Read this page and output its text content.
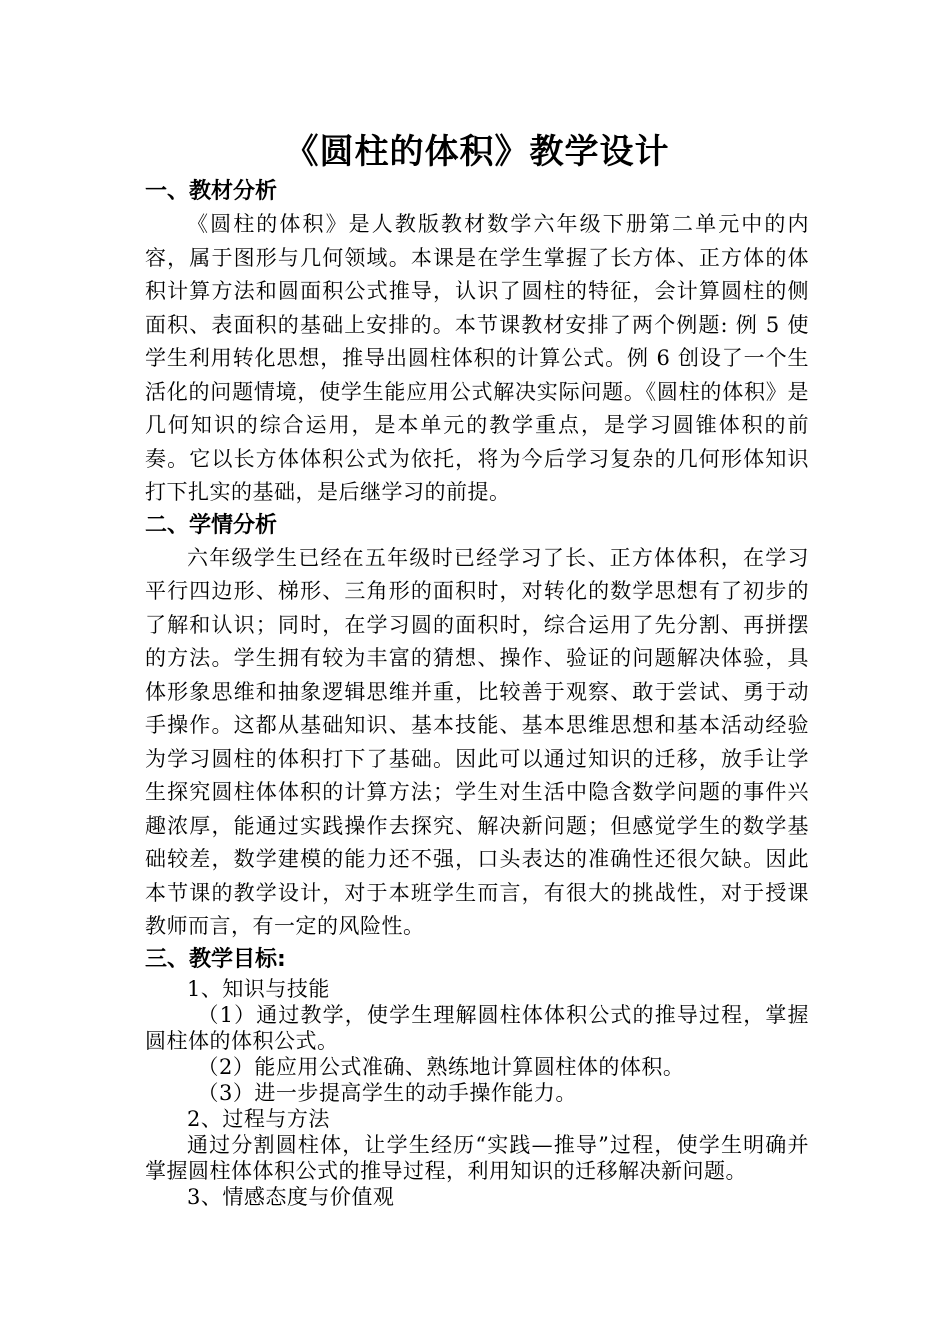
《圆柱的体积》教学设计

一、教材分析

《圆柱的体积》是人教版教材数学六年级下册第二单元中的内容，属于图形与几何领域。本课是在学生掌握了长方体、正方体的体积计算方法和圆面积公式推导，认识了圆柱的特征，会计算圆柱的侧面积、表面积的基础上安排的。本节课教材安排了两个例题: 例 5 使学生利用转化思想，推导出圆柱体积的计算公式。例 6 创设了一个生活化的问题情境，使学生能应用公式解决实际问题。《圆柱的体积》是几何知识的综合运用，是本单元的教学重点，是学习圆锥体积的前奏。它以长方体体积公式为依托，将为今后学习复杂的几何形体知识打下扎实的基础，是后继学习的前提。

二、学情分析

六年级学生已经在五年级时已经学习了长、正方体体积，在学习平行四边形、梯形、三角形的面积时，对转化的数学思想有了初步的了解和认识；同时，在学习圆的面积时，综合运用了先分割、再拼摆的方法。学生拥有较为丰富的猜想、操作、验证的问题解决体验，具体形象思维和抽象逻辑思维并重，比较善于观察、敢于尝试、勇于动手操作。这都从基础知识、基本技能、基本思维思想和基本活动经验为学习圆柱的体积打下了基础。因此可以通过知识的迁移，放手让学生探究圆柱体体积的计算方法；学生对生活中隐含数学问题的事件兴趣浓厚，能通过实践操作去探究、解决新问题；但感觉学生的数学基础较差，数学建模的能力还不强，口头表达的准确性还很欠缺。因此本节课的教学设计，对于本班学生而言，有很大的挑战性，对于授课教师而言，有一定的风险性。

三、教学目标:

1、知识与技能

（1）通过教学，使学生理解圆柱体体积公式的推导过程，掌握圆柱体的体积公式。

（2）能应用公式准确、熟练地计算圆柱体的体积。

（3）进一步提高学生的动手操作能力。

2、过程与方法

通过分割圆柱体，让学生经历“实践—推导”过程，使学生明确并掌握圆柱体体积公式的推导过程，利用知识的迁移解决新问题。

3、情感态度与价值观
